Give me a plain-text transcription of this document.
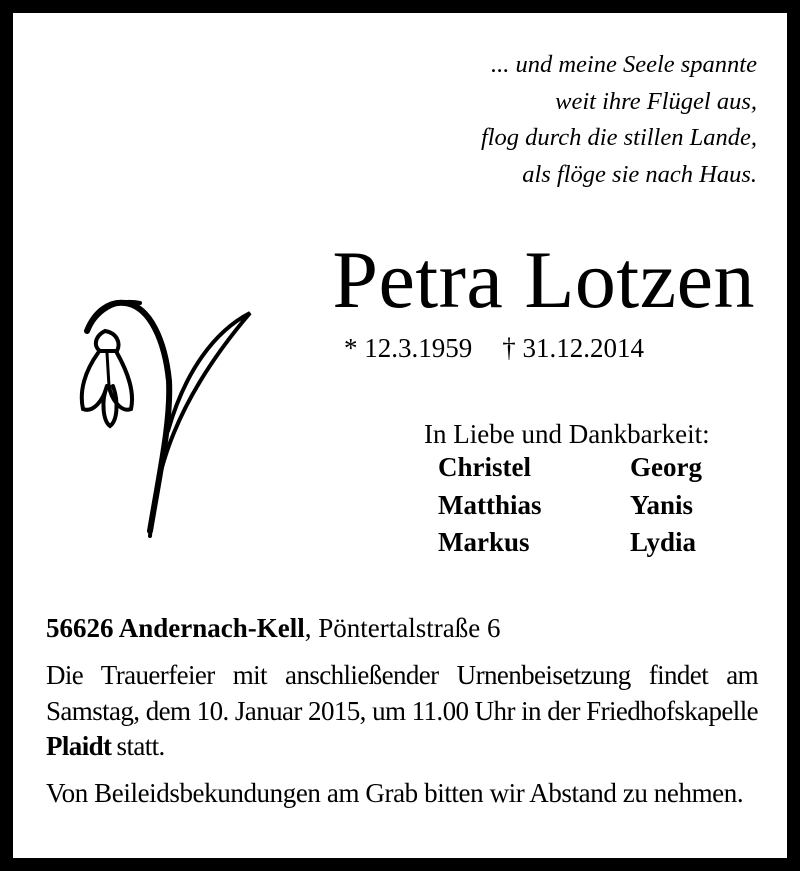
... und meine Seele spannte
weit ihre Flügel aus,
flog durch die stillen Lande,
als flöge sie nach Haus.
Petra Lotzen
* 12.3.1959 † 31.12.2014
In Liebe und Dankbarkeit:
Christel	Georg
Matthias	Yanis
Markus	Lydia
56626 Andernach-Kell, Pöntertalstraße 6
Die Trauerfeier mit anschließender Urnenbeisetzung findet am Samstag, dem 10. Januar 2015, um 11.00 Uhr in der Friedhofskapelle Plaidt statt.
Von Beileidsbekundungen am Grab bitten wir Abstand zu nehmen.
